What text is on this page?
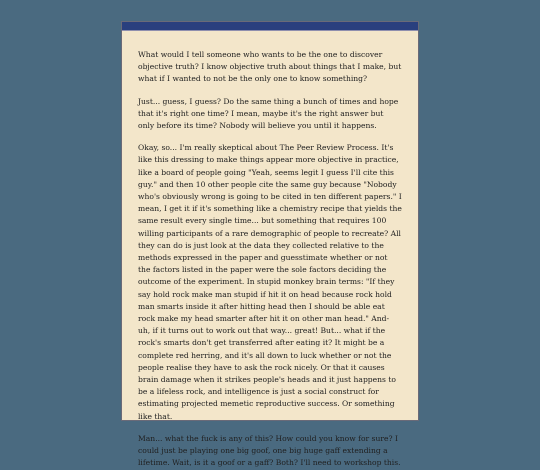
What would I tell someone who wants to be the one to discover objective truth? I know objective truth about things that I make, but what if I wanted to not be the only one to know something?

Just... guess, I guess? Do the same thing a bunch of times and hope that it's right one time? I mean, maybe it's the right answer but only before its time? Nobody will believe you until it happens.

Okay, so... I'm really skeptical about The Peer Review Process. It's like this dressing to make things appear more objective in practice, like a board of people going "Yeah, seems legit I guess I'll cite this guy." and then 10 other people cite the same guy because "Nobody who's obviously wrong is going to be cited in ten different papers." I mean, I get it if it's something like a chemistry recipe that yields the same result every single time... but something that requires 100 willing participants of a rare demographic of people to recreate? All they can do is just look at the data they collected relative to the methods expressed in the paper and guesstimate whether or not the factors listed in the paper were the sole factors deciding the outcome of the experiment. In stupid monkey brain terms: "If they say hold rock make man stupid if hit it on head because rock hold man smarts inside it after hitting head then I should be able eat rock make my head smarter after hit it on other man head." And- uh, if it turns out to work out that way... great! But... what if the rock's smarts don't get transferred after eating it? It might be a complete red herring, and it's all down to luck whether or not the people realise they have to ask the rock nicely. Or that it causes brain damage when it strikes people's heads and it just happens to be a lifeless rock, and intelligence is just a social construct for estimating projected memetic reproductive success. Or something like that.

Man... what the fuck is any of this? How could you know for sure? I could just be playing one big goof, one big huge gaff extending a lifetime. Wait, is it a goof or a gaff? Both? I'll need to workshop this.
